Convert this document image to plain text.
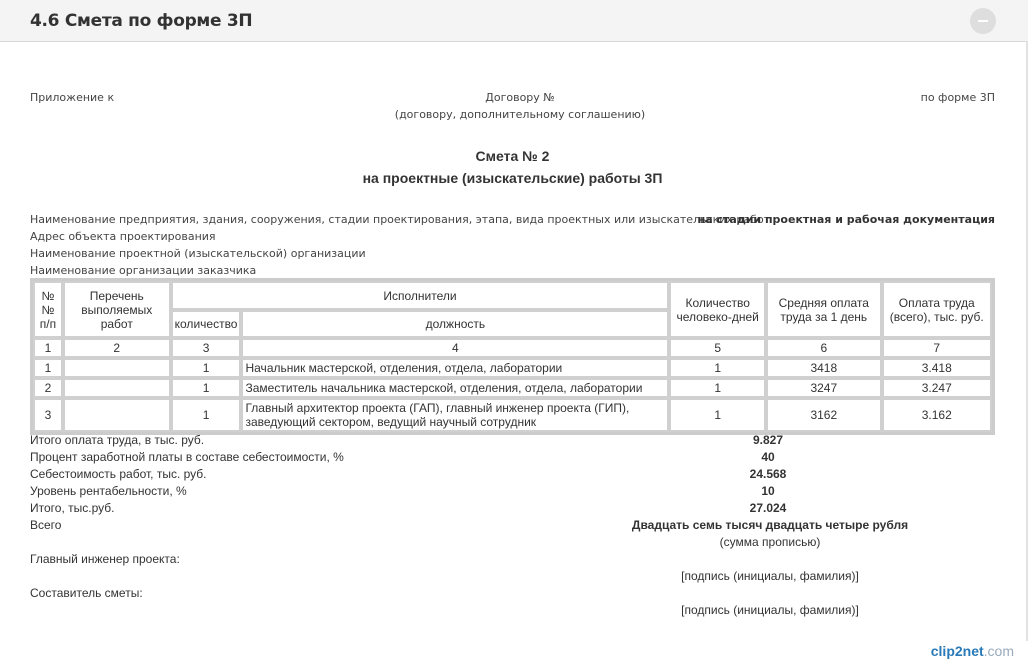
4.6 Смета по форме 3П
Приложение к	Договору №
(договору, дополнительному соглашению)
по форме 3П
Смета № 2
на проектные (изыскательские) работы 3П
Наименование предприятия, здания, сооружения, стадии проектирования, этапа, вида проектных или изыскательских работ
на стадии проектная и рабочая документация
Адрес объекта проектирования
Наименование проектной (изыскательской) организации
Наименование организации заказчика
№№ п/п	Перечень выполяемых работ	Исполнители		Количество человеко-дней	Средняя оплата труда за 1 день	Оплата труда (всего), тыс. руб.
		количество	должность			
1	2	3	4	5	6	7
1		1	Начальник мастерской, отделения, отдела, лаборатории	1	3418	3.418
2		1	Заместитель начальника мастерской, отделения, отдела, лаборатории	1	3247	3.247
3		1	Главный архитектор проекта (ГАП), главный инженер проекта (ГИП), заведующий сектором, ведущий научный сотрудник	1	3162	3.162
Итого оплата труда, в тыс. руб.	9.827
Процент заработной платы в составе себестоимости, %	40
Себестоимость работ, тыс. руб.	24.568
Уровень рентабельности, %	10
Итого, тыс.руб.	27.024
Всего	Двадцать семь тысяч двадцать четыре рубля
(сумма прописью)
Главный инженер проекта:
[подпись (инициалы, фамилия)]
Составитель сметы:
[подпись (инициалы, фамилия)]
clip2net.com
